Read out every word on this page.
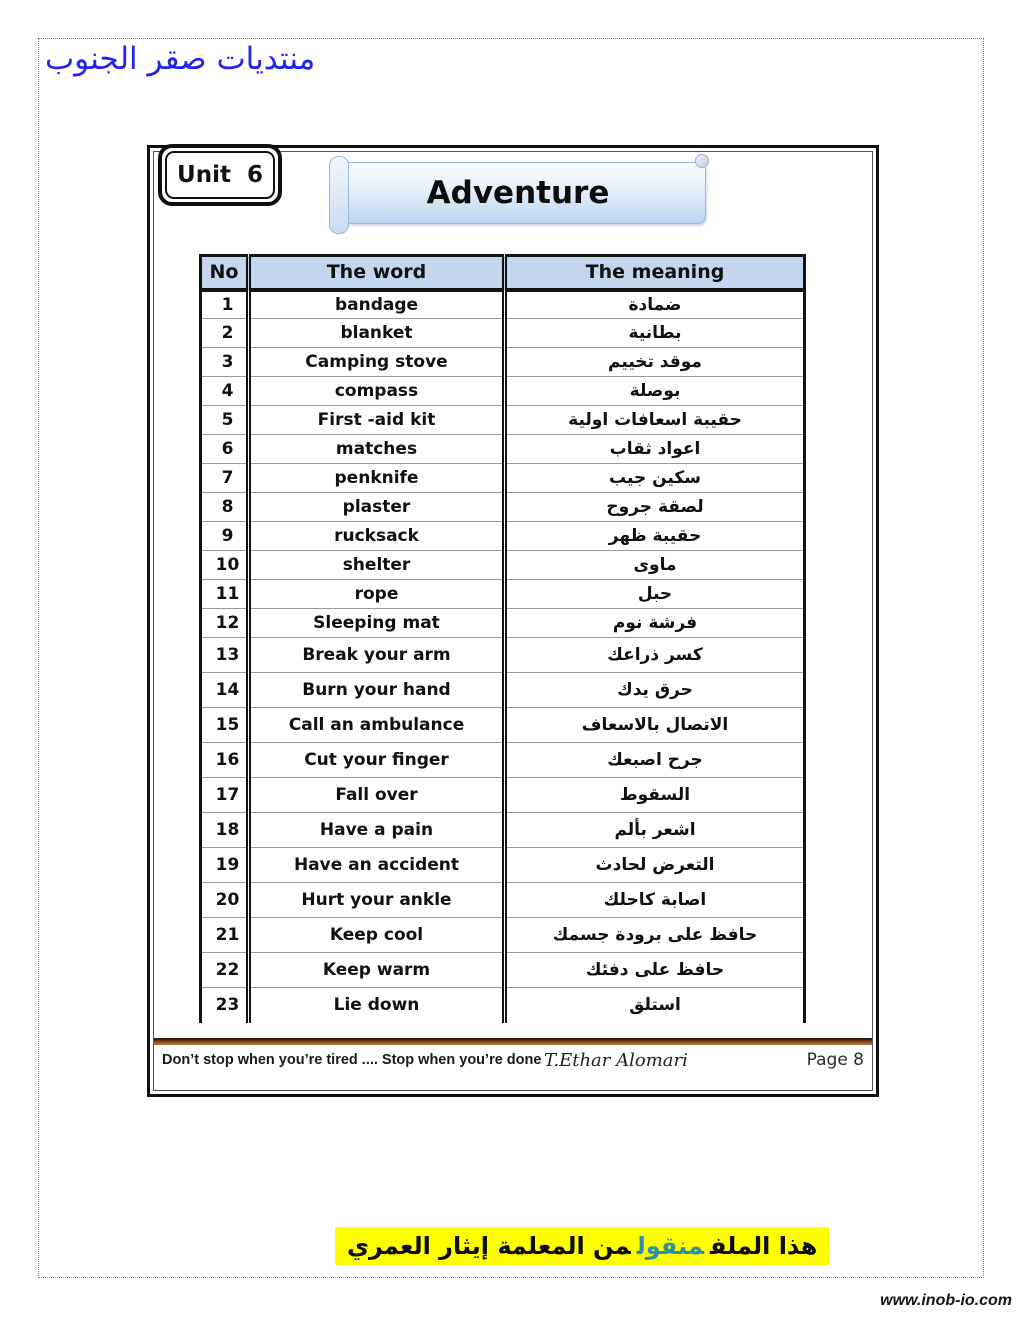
منتديات صقر الجنوب
Unit 6	Adventure
No	The word	The meaning
1	bandage	ضمادة
2	blanket	بطانية
3	Camping stove	موقد تخييم
4	compass	بوصلة
5	First -aid kit	حقيبة اسعافات اولية
6	matches	اعواد ثقاب
7	penknife	سكين جيب
8	plaster	لصقة جروح
9	rucksack	حقيبة ظهر
10	shelter	ماوى
11	rope	حبل
12	Sleeping mat	فرشة نوم
13	Break your arm	كسر ذراعك
14	Burn your hand	حرق يدك
15	Call an ambulance	الاتصال بالاسعاف
16	Cut your finger	جرح اصبعك
17	Fall over	السقوط
18	Have a pain	اشعر بألم
19	Have an accident	التعرض لحادث
20	Hurt your ankle	اصابة كاحلك
21	Keep cool	حافظ على برودة جسمك
22	Keep warm	حافظ على دفئك
23	Lie down	استلق
Don’t stop when you’re tired .... Stop when you’re done T.Ethar Alomari	Page 8
هذا الملفمنقولمن المعلمة إيثار العمري
www.inob-io.com
